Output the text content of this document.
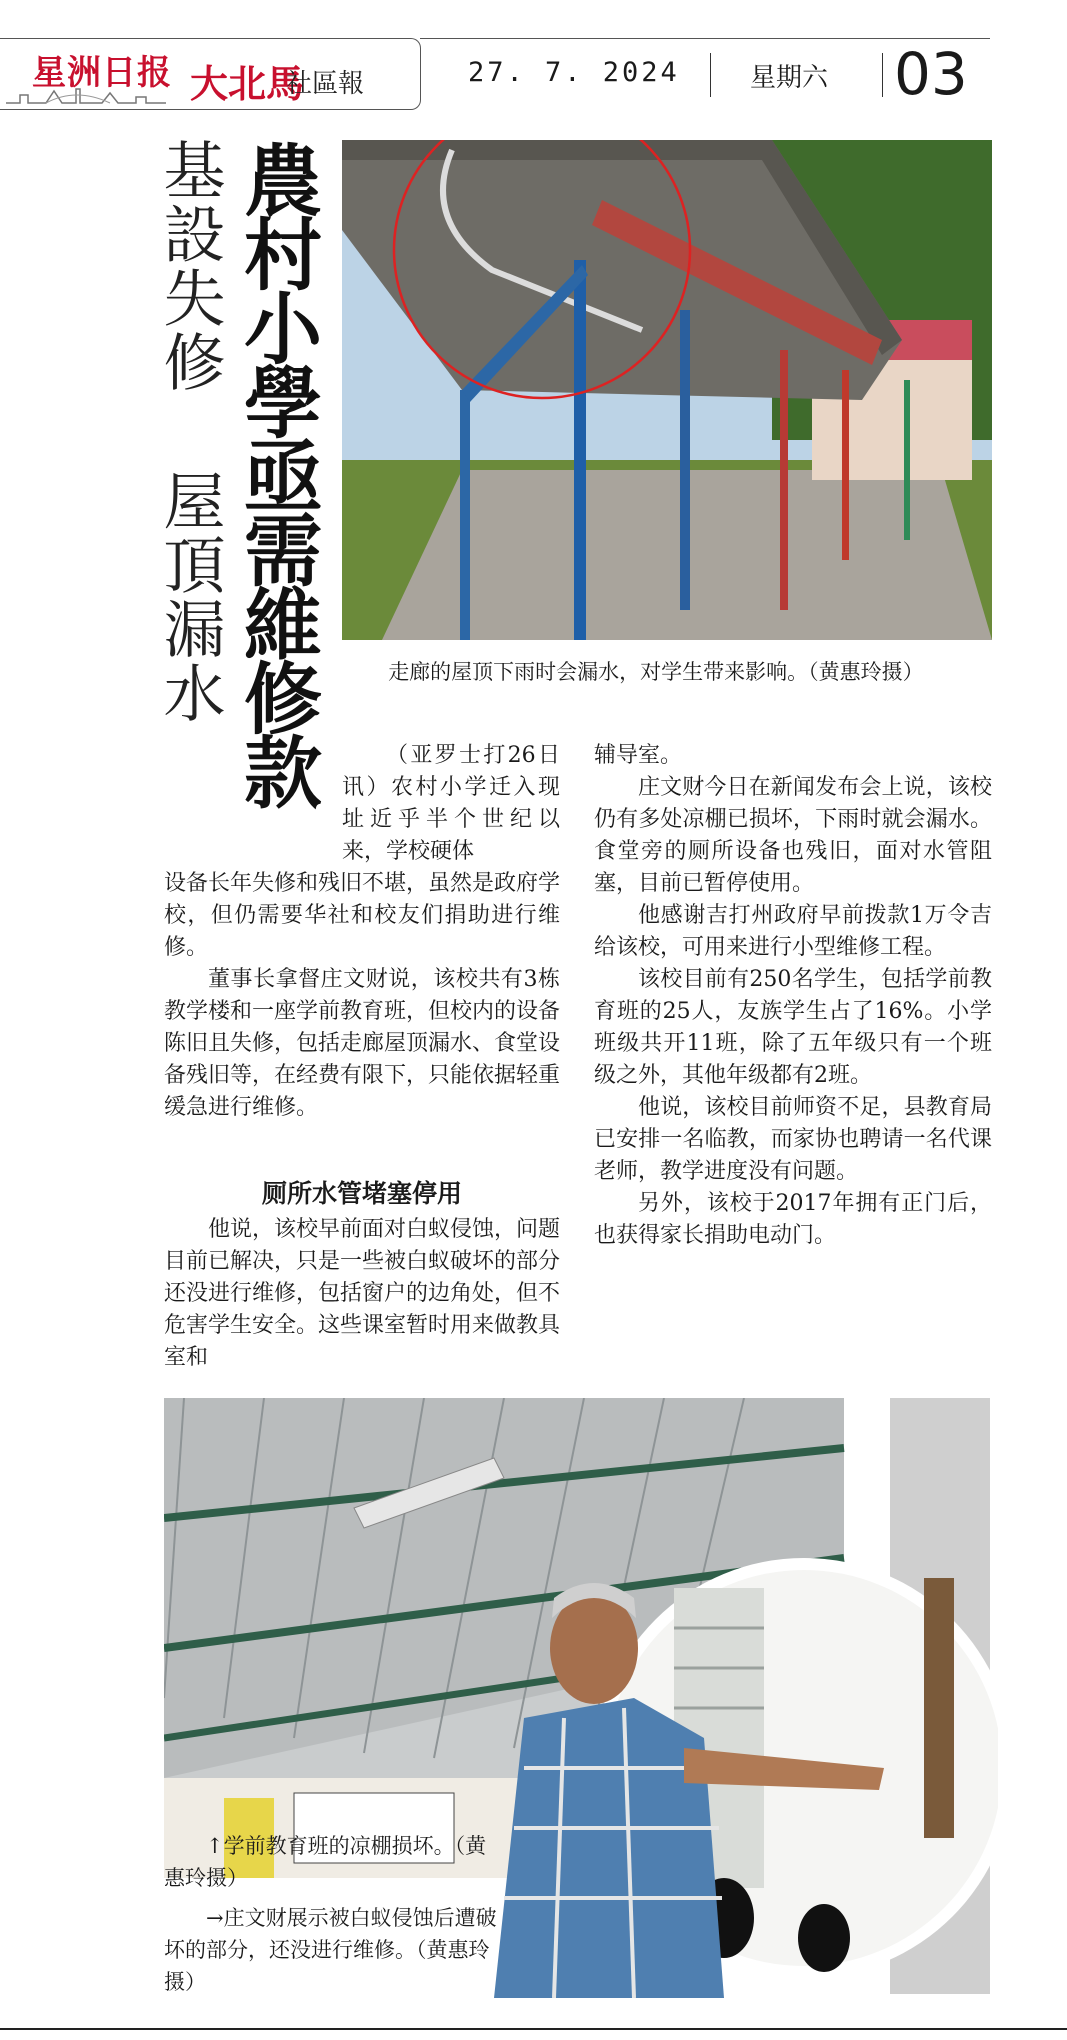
星洲日报 大北馬
社區報	27. 7. 2024	星期六 03
基設失修 屋頂漏水 農村小學亟需維修款	走廊的屋顶下雨时会漏水，对学生带来影响。（黄惠玲摄）

（亚罗士打26日讯）农村小学迁入现址近乎半个世纪以来，学校硬体

设备长年失修和残旧不堪，虽然是政府学校，但仍需要华社和校友们捐助进行维修。

董事长拿督庄文财说，该校共有3栋教学楼和一座学前教育班，但校内的设备陈旧且失修，包括走廊屋顶漏水、食堂设备残旧等，在经费有限下，只能依据轻重缓急进行维修。

厕所水管堵塞停用

他说，该校早前面对白蚁侵蚀，问题目前已解决，只是一些被白蚁破坏的部分还没进行维修，包括窗户的边角处，但不危害学生安全。这些课室暂时用来做教具室和

辅导室。

庄文财今日在新闻发布会上说，该校仍有多处凉棚已损坏，下雨时就会漏水。食堂旁的厕所设备也残旧，面对水管阻塞，目前已暂停使用。

他感谢吉打州政府早前拨款1万令吉给该校，可用来进行小型维修工程。

该校目前有250名学生，包括学前教育班的25人，友族学生占了16%。小学班级共开11班，除了五年级只有一个班级之外，其他年级都有2班。

他说，该校目前师资不足，县教育局已安排一名临教，而家协也聘请一名代课老师，教学进度没有问题。

另外，该校于2017年拥有正门后，也获得家长捐助电动门。

↑学前教育班的凉棚损坏。（黄惠玲摄）
→庄文财展示被白蚁侵蚀后遭破坏的部分，还没进行维修。（黄惠玲摄）
